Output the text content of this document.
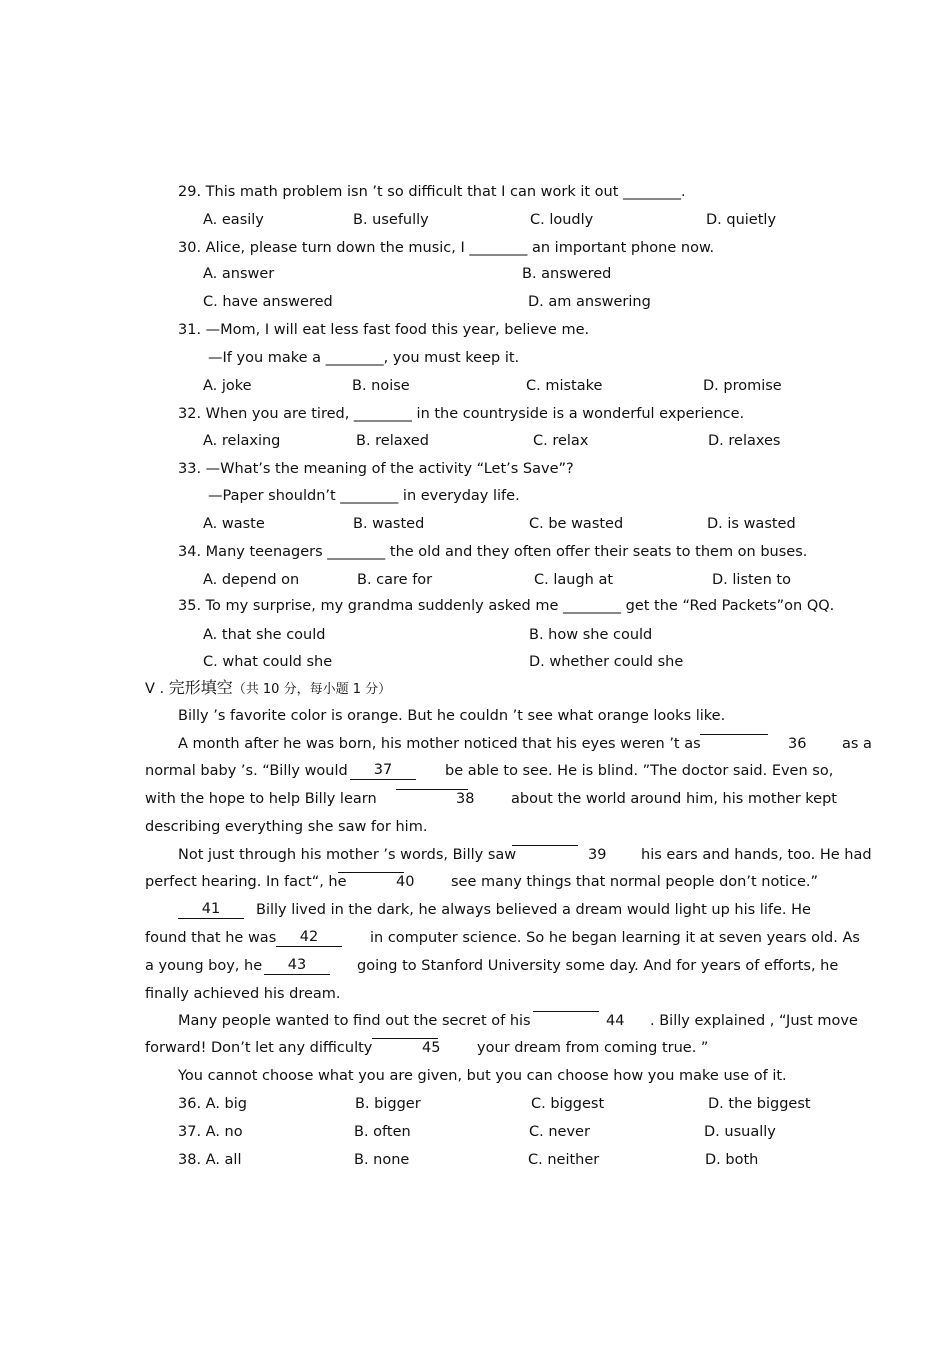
29. This math problem isn ’t so difficult that I can work it out ________.
A. easily	B. usefully	C. loudly	D. quietly
30. Alice, please turn down the music, I ________ an important phone now.
A. answer	B. answered
C. have answered	D. am answering
31. —Mom, I will eat less fast food this year, believe me.
—If you make a ________, you must keep it.
A. joke	B. noise	C. mistake	D. promise
32. When you are tired, ________ in the countryside is a wonderful experience.
A. relaxing	B. relaxed	C. relax	D. relaxes
33. —What’s the meaning of the activity “Let’s Save”?
—Paper shouldn’t ________ in everyday life.
A. waste	B. wasted	C. be wasted	D. is wasted
34. Many teenagers ________ the old and they often offer their seats to them on buses.
A. depend on	B. care for	C. laugh at	D. listen to
35. To my surprise, my grandma suddenly asked me ________ get the “Red Packets”on QQ.
A. that she could	B. how she could
C. what could she	D. whether could she
V . 完形填空（共 10 分，每小题 1 分）
Billy ’s favorite color is orange. But he couldn ’t see what orange looks like.
A month after he was born, his mother noticed that his eyes weren ’t as	36 as a
normal baby ’s. “Billy would	37	be able to see. He is blind. ”The doctor said. Even so,
with the hope to help Billy learn	38	about the world around him, his mother kept
describing everything she saw for him.
Not just through his mother ’s words, Billy saw	39 his ears and hands, too. He had
perfect hearing. In fact“, he	40	see many things that normal people don’t notice.”
41	Billy lived in the dark, he always believed a dream would light up his life. He
found that he was	42	in computer science. So he began learning it at seven years old. As
a young boy, he	43	going to Stanford University some day. And for years of efforts, he
finally achieved his dream.
Many people wanted to find out the secret of his	44 . Billy explained , “Just move
forward! Don’t let any difficulty	45	your dream from coming true. ”
You cannot choose what you are given, but you can choose how you make use of it.
36. A. big	B. bigger	C. biggest	D. the biggest
37. A. no	B. often	C. never	D. usually
38. A. all	B. none	C. neither	D. both
